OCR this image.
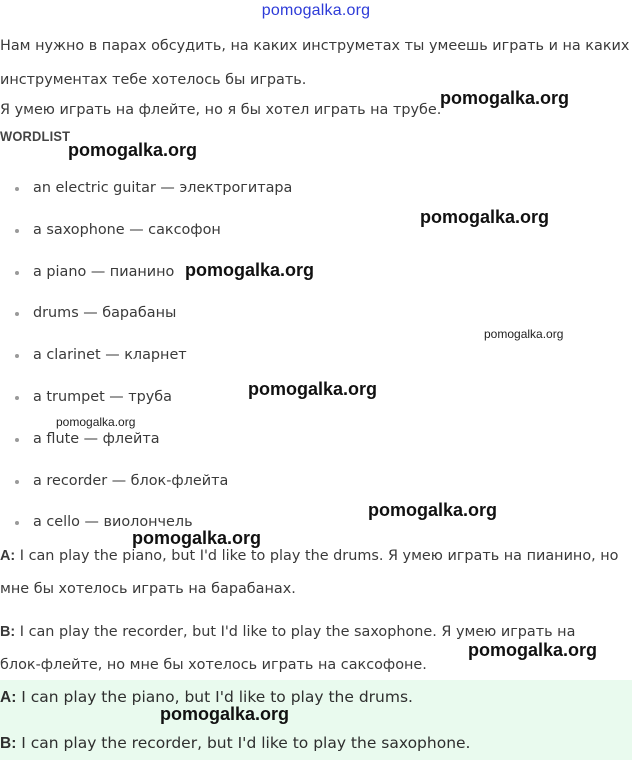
pomogalka.org

Нам нужно в парах обсудить, на каких инструметах ты умеешь играть и на каких инструментах тебе хотелось бы играть.

Я умею играть на флейте, но я бы хотел играть на трубе.

WORDLIST
an electric guitar — электрогитара
a saxophone — саксофон
a piano — пианино
drums — барабаны
a clarinet — кларнет
a trumpet — труба
a flute — флейта
a recorder — блок-флейта
a cello — виолончель

A: I can play the piano, but I'd like to play the drums. Я умею играть на пианино, но

мне бы хотелось играть на барабанах.

B: I can play the recorder, but I'd like to play the saxophone. Я умею играть на

блок-флейте, но мне бы хотелось играть на саксофоне.

A: I can play the piano, but I'd like to play the drums.
B: I can play the recorder, but I'd like to play the saxophone.
pomogalka.org
pomogalka.org
pomogalka.org
pomogalka.org
pomogalka.org
pomogalka.org
pomogalka.org
pomogalka.org
pomogalka.org
pomogalka.org
pomogalka.org
